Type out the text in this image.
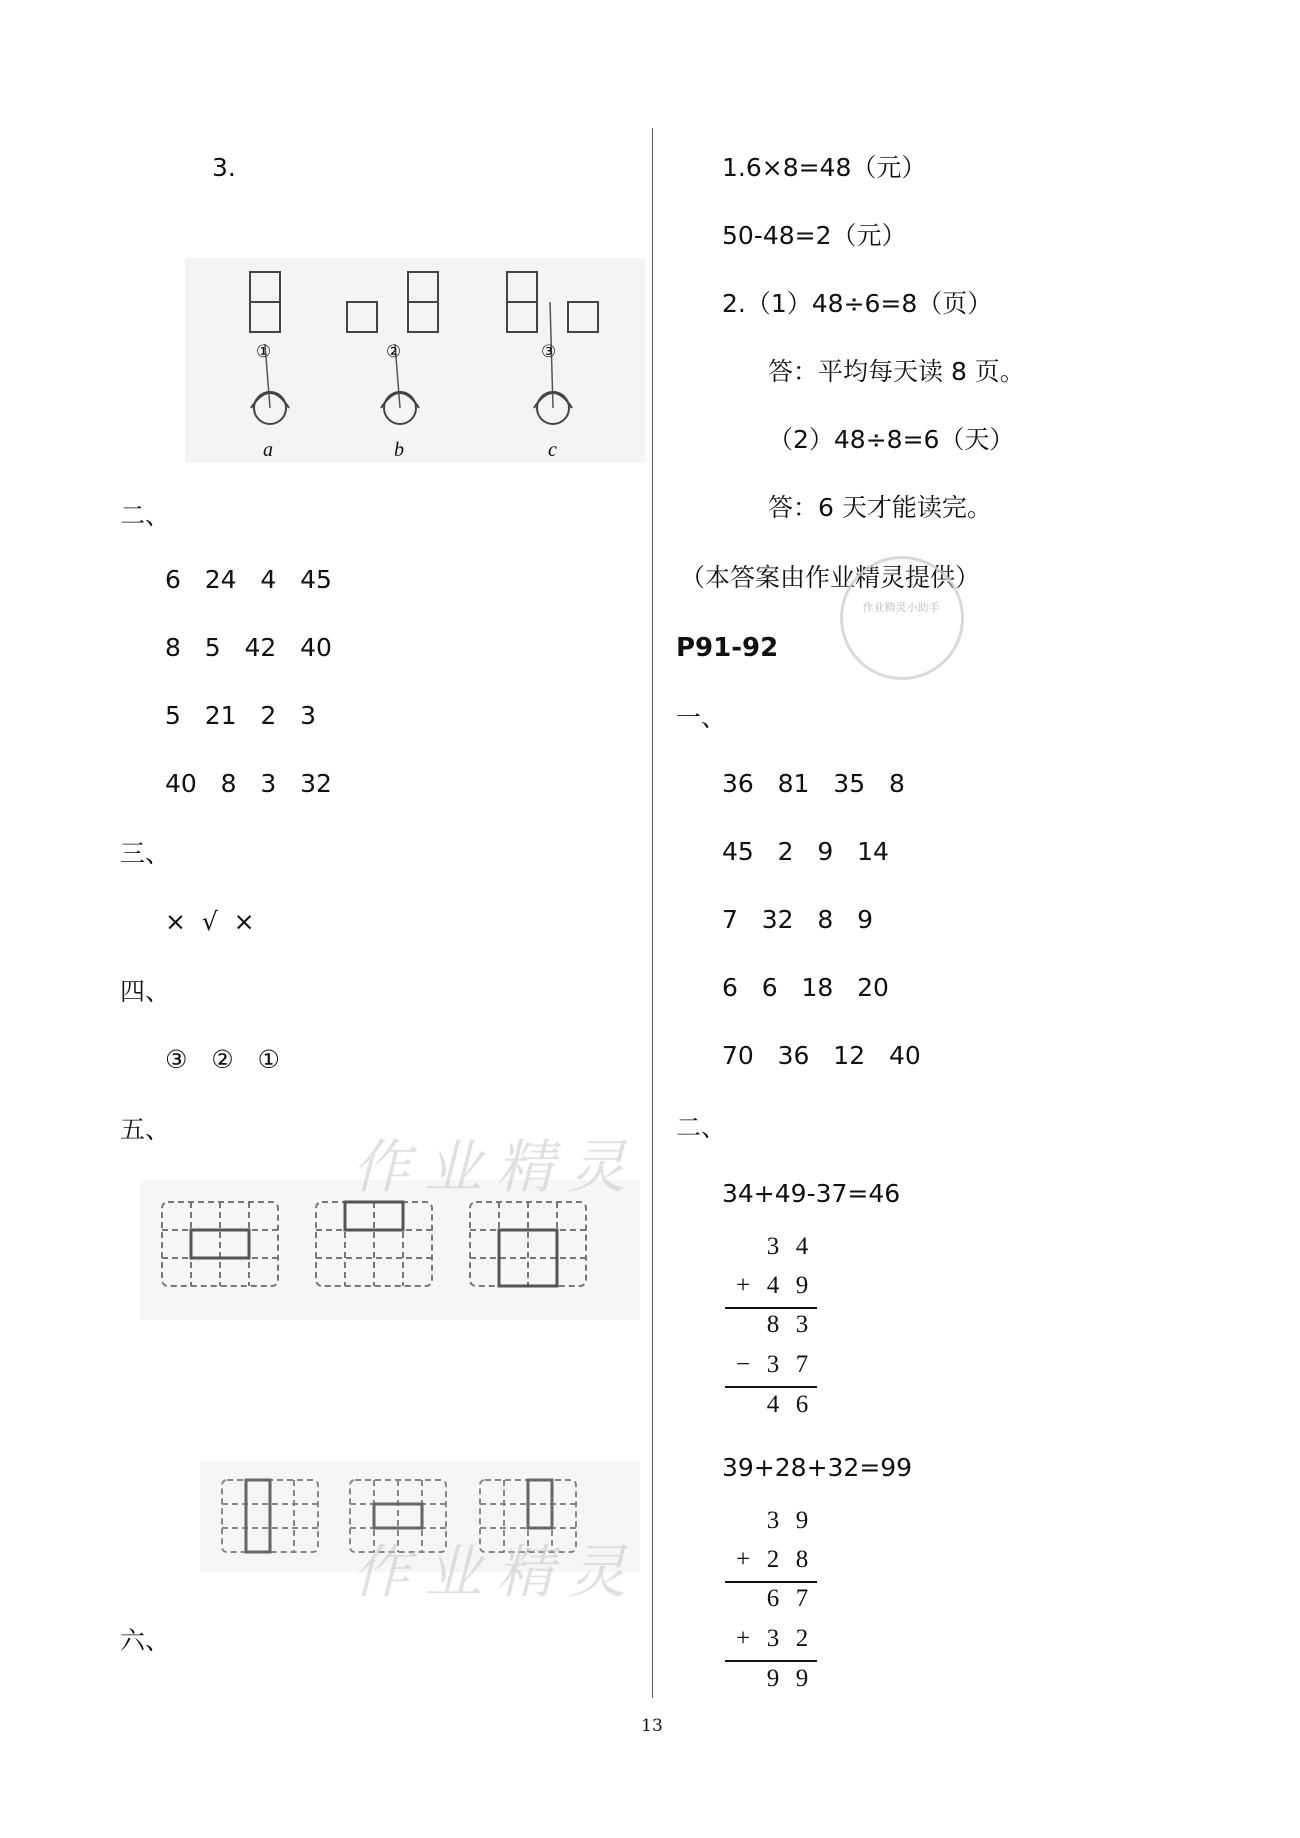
3.
①	②	③
a	b	c
二、
6   24   4   45
8   5   42   40
5   21   2   3
40   8   3   32
三、
×  √  ×
四、
③   ②   ①
五、
六、
1.6×8=48（元）
50-48=2（元）
2.（1）48÷6=8（页）
答：平均每天读 8 页。
（2）48÷8=6（天）
答：6 天才能读完。
（本答案由作业精灵提供）
作业精灵小助手
P91-92
一、
36   81   35   8
45   2   9   14
7   32   8   9
6   6   18   20
70   36   12   40
二、
34+49-37=46
3 4
+ 4 9
8 3
− 3 7
4 6
39+28+32=99
3 9
+ 2 8
6 7
+ 3 2
9 9
作业精灵
作业精灵
13
